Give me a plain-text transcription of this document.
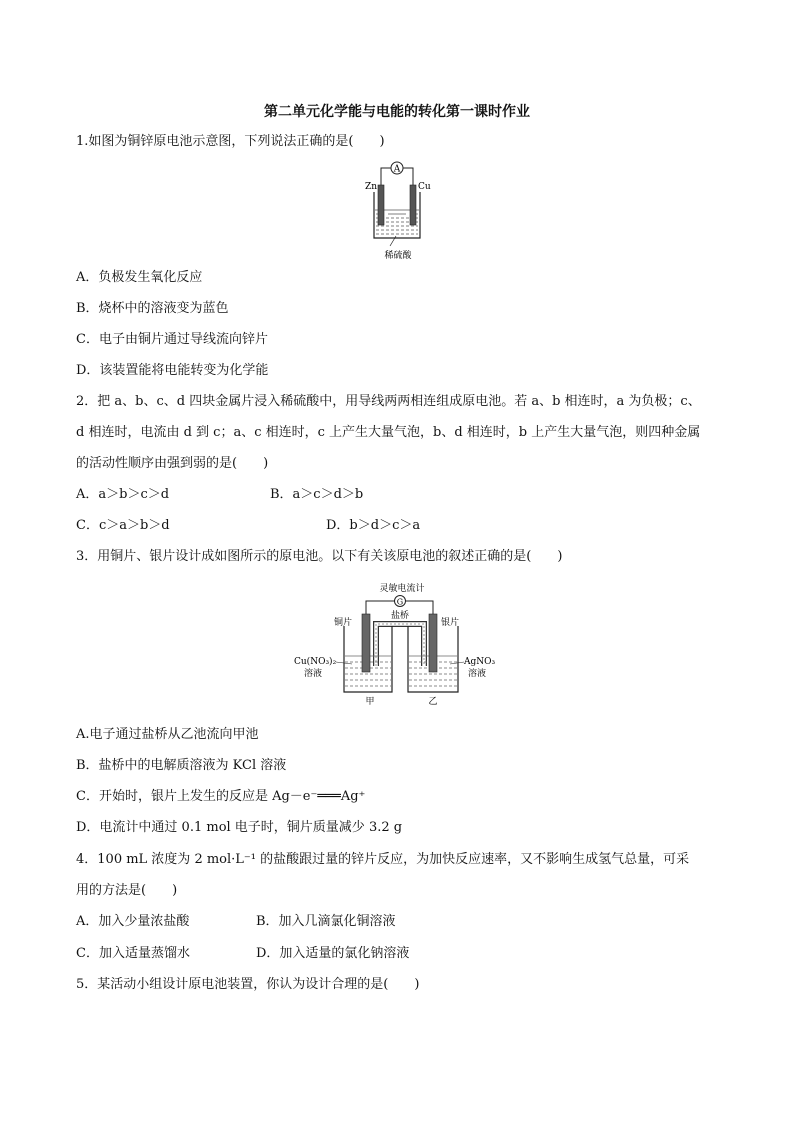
第二单元化学能与电能的转化第一课时作业
1.如图为铜锌原电池示意图，下列说法正确的是(　　)
A
Zn	Cu
稀硫酸
A．负极发生氧化反应
B．烧杯中的溶液变为蓝色
C．电子由铜片通过导线流向锌片
D．该装置能将电能转变为化学能
2．把 a、b、c、d 四块金属片浸入稀硫酸中，用导线两两相连组成原电池。若 a、b 相连时，a 为负极；c、
d 相连时，电流由 d 到 c；a、c 相连时，c 上产生大量气泡，b、d 相连时，b 上产生大量气泡，则四种金属
的活动性顺序由强到弱的是(　　)
A．a＞b＞c＞d	B．a＞c＞d＞b
C．c＞a＞b＞d	D．b＞d＞c＞a
3．用铜片、银片设计成如图所示的原电池。以下有关该原电池的叙述正确的是(　　)
灵敏电流计
G
盐桥
铜片	银片
Cu(NO₃)₂
溶液
AgNO₃
溶液
甲	乙
A.电子通过盐桥从乙池流向甲池
B．盐桥中的电解质溶液为 KCl 溶液
C．开始时，银片上发生的反应是 Ag－e⁻═══Ag⁺
D．电流计中通过 0.1 mol 电子时，铜片质量减少 3.2 g
4．100 mL 浓度为 2 mol·L⁻¹ 的盐酸跟过量的锌片反应，为加快反应速率，又不影响生成氢气总量，可采
用的方法是(　　)
A．加入少量浓盐酸	B．加入几滴氯化铜溶液
C．加入适量蒸馏水	D．加入适量的氯化钠溶液
5．某活动小组设计原电池装置，你认为设计合理的是(　　)
